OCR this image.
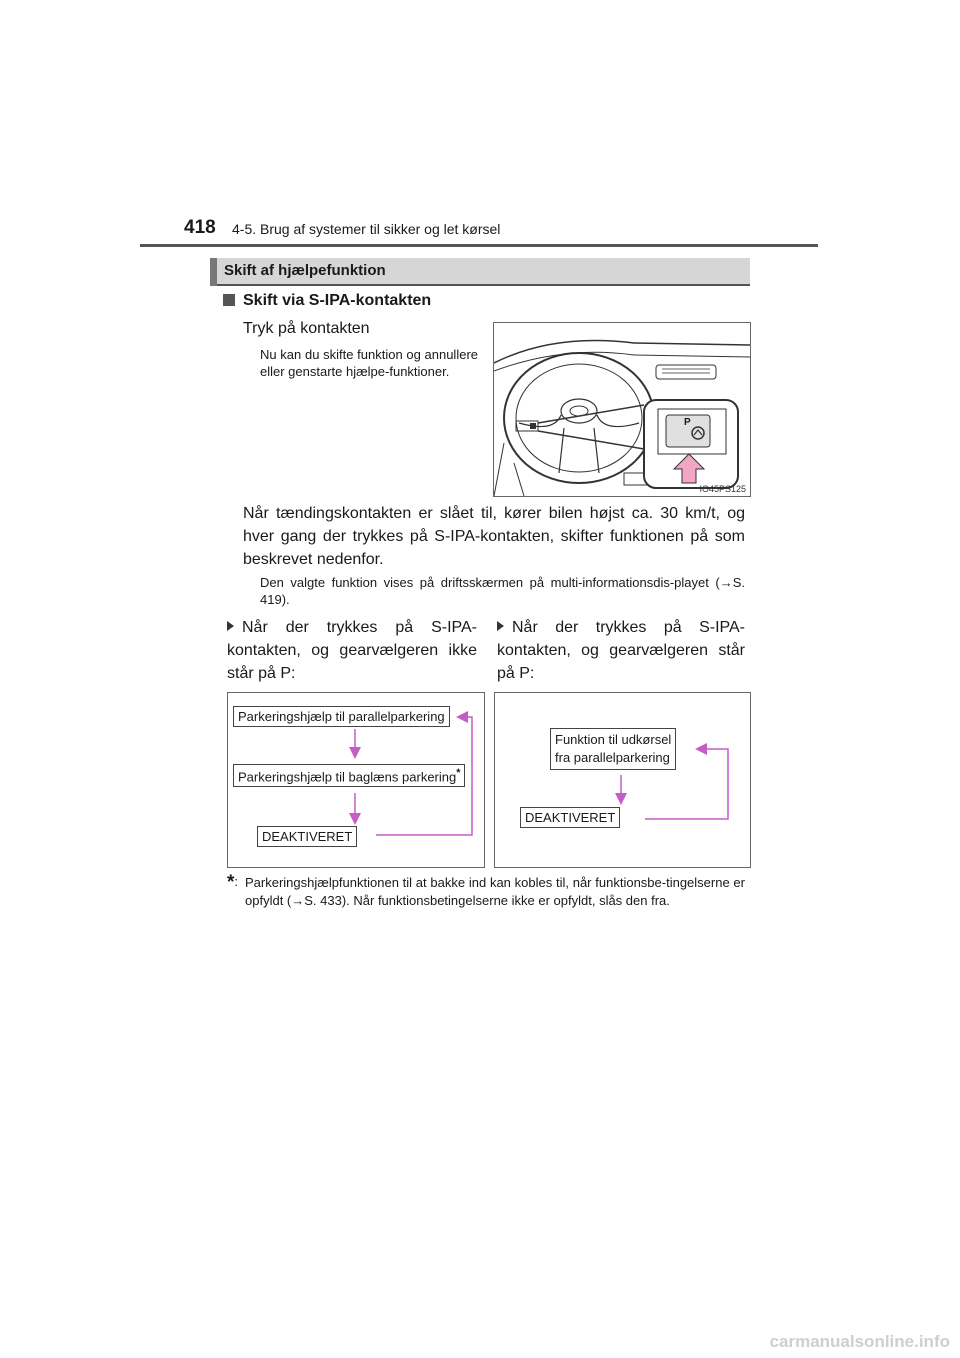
418 4-5. Brug af systemer til sikker og let kørsel
Skift af hjælpefunktion
Skift via S-IPA-kontakten
Tryk på kontakten
Nu kan du skifte funktion og annullere eller genstarte hjælpe-funktioner.
P
IO45PS125
Når tændingskontakten er slået til, kører bilen højst ca. 30 km/t, og hver gang der trykkes på S-IPA-kontakten, skifter funktionen på som beskrevet nedenfor.
Den valgte funktion vises på driftsskærmen på multi-informationsdis-playet (→S. 419).
Når der trykkes på S-IPA-kontakten, og gearvælgeren ikke står på P:
Når der trykkes på S-IPA-kontakten, og gearvælgeren står på P:
Parkeringshjælp til parallelparkering
Parkeringshjælp til baglæns parkering*
DEAKTIVERET
Funktion til udkørsel
fra parallelparkering
DEAKTIVERET
*: Parkeringshjælpfunktionen til at bakke ind kan kobles til, når funktionsbe-tingelserne er opfyldt (→S. 433). Når funktionsbetingelserne ikke er opfyldt, slås den fra.
carmanualsonline.info
